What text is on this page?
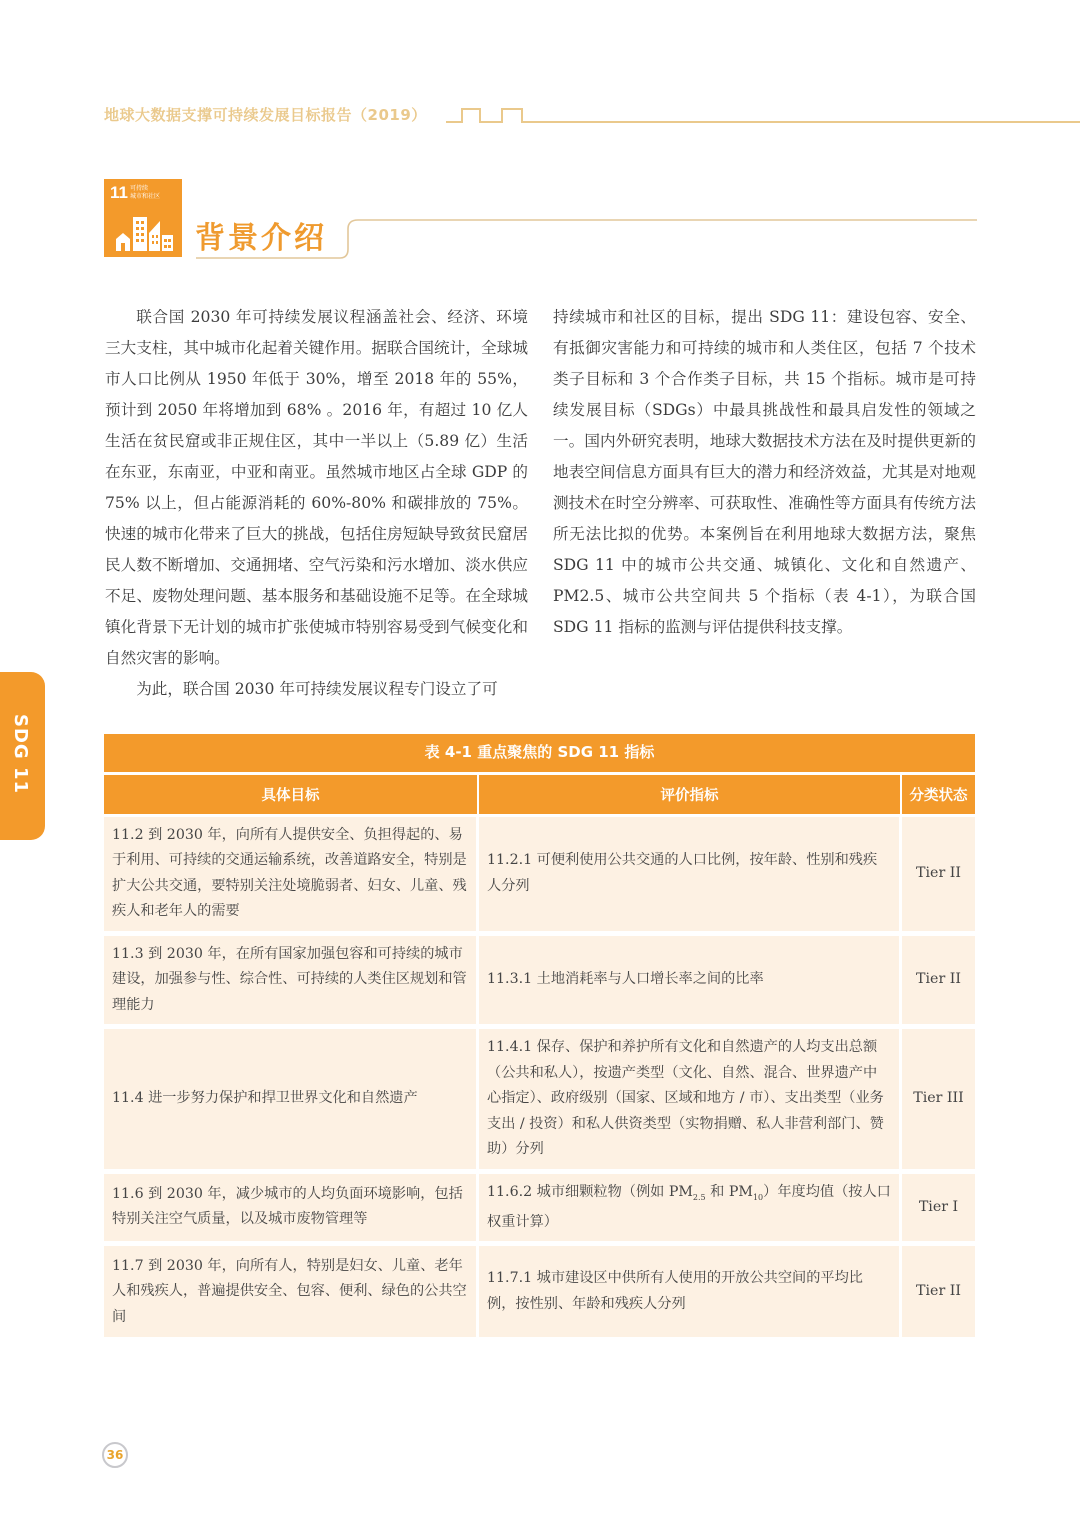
地球大数据支撑可持续发展目标报告（2019）
11 可持续
城市和社区
背景介绍

联合国 2030 年可持续发展议程涵盖社会、经济、环境三大支柱，其中城市化起着关键作用。据联合国统计，全球城市人口比例从 1950 年低于 30%，增至 2018 年的 55%，预计到 2050 年将增加到 68% 。2016 年，有超过 10 亿人生活在贫民窟或非正规住区，其中一半以上（5.89 亿）生活在东亚，东南亚，中亚和南亚。虽然城市地区占全球 GDP 的 75% 以上，但占能源消耗的 60%-80% 和碳排放的 75%。快速的城市化带来了巨大的挑战，包括住房短缺导致贫民窟居民人数不断增加、交通拥堵、空气污染和污水增加、淡水供应不足、废物处理问题、基本服务和基础设施不足等。在全球城镇化背景下无计划的城市扩张使城市特别容易受到气候变化和自然灾害的影响。

为此，联合国 2030 年可持续发展议程专门设立了可

持续城市和社区的目标，提出 SDG 11：建设包容、安全、有抵御灾害能力和可持续的城市和人类住区，包括 7 个技术类子目标和 3 个合作类子目标，共 15 个指标。城市是可持续发展目标（SDGs）中最具挑战性和最具启发性的领域之一。国内外研究表明，地球大数据技术方法在及时提供更新的地表空间信息方面具有巨大的潜力和经济效益，尤其是对地观测技术在时空分辨率、可获取性、准确性等方面具有传统方法所无法比拟的优势。本案例旨在利用地球大数据方法，聚焦 SDG 11 中的城市公共交通、城镇化、文化和自然遗产、PM2.5、城市公共空间共 5 个指标（表 4-1），为联合国 SDG 11 指标的监测与评估提供科技支撑。

SDG 11	表 4-1 重点聚焦的 SDG 11 指标		
具体目标	评价指标	分类状态
11.2 到 2030 年，向所有人提供安全、负担得起的、易于利用、可持续的交通运输系统，改善道路安全，特别是扩大公共交通，要特别关注处境脆弱者、妇女、儿童、残疾人和老年人的需要	11.2.1 可便利使用公共交通的人口比例，按年龄、性别和残疾人分列	Tier II
11.3 到 2030 年，在所有国家加强包容和可持续的城市建设，加强参与性、综合性、可持续的人类住区规划和管理能力	11.3.1 土地消耗率与人口增长率之间的比率	Tier II
11.4 进一步努力保护和捍卫世界文化和自然遗产	11.4.1 保存、保护和养护所有文化和自然遗产的人均支出总额（公共和私人），按遗产类型（文化、自然、混合、世界遗产中心指定）、政府级别（国家、区域和地方 / 市）、支出类型（业务支出 / 投资）和私人供资类型（实物捐赠、私人非营利部门、赞助）分列	Tier III
11.6 到 2030 年，减少城市的人均负面环境影响，包括特别关注空气质量，以及城市废物管理等	11.6.2 城市细颗粒物（例如 $PM_{2.5}$ 和 $PM_{10}$）年度均值（按人口权重计算）	Tier I
11.7 到 2030 年，向所有人，特别是妇女、儿童、老年人和残疾人，普遍提供安全、包容、便利、绿色的公共空间	11.7.1 城市建设区中供所有人使用的开放公共空间的平均比例，按性别、年龄和残疾人分列	Tier II
36
